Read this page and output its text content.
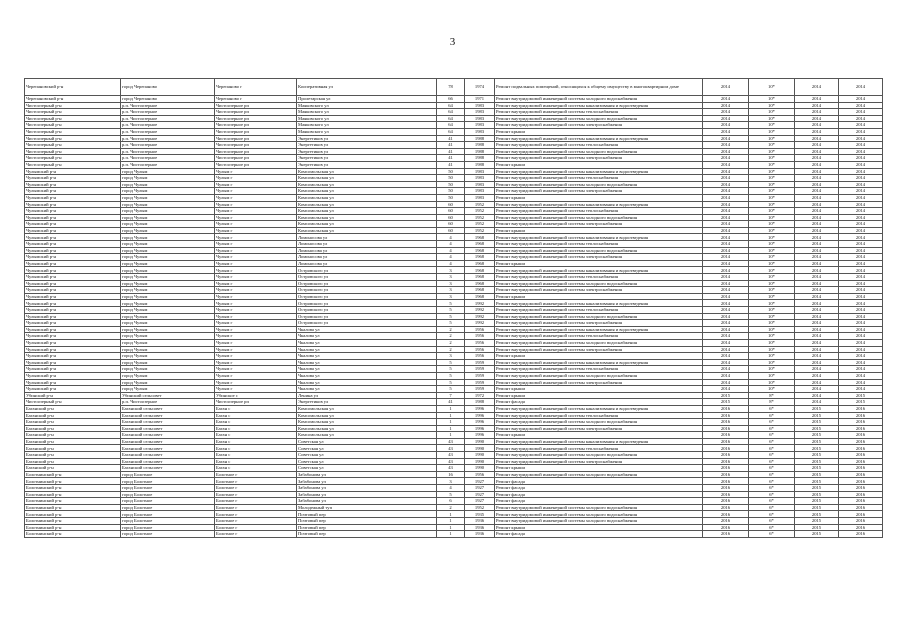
3
Черепановский р-н	город Черепаново	Черепаново г	Кооперативная ул	78	1974	Ремонт подвальных помещений, относящихся к общему имуществу в многоквартирном доме	2014	10*	2014	2014
Черепановский р-н	город Черепаново	Черепаново г	Пролетарская ул	66	1971	Ремонт внутридомовой инженерной системы холодного водоснабжения	2014	10*	2014	2014
Чистоозерный р-н	р.п. Чистоозерное	Чистоозерное рп	Маяковского ул	64	1983	Ремонт внутридомовой инженерной системы канализования и водоотведения	2014	10*	2014	2014
Чистоозерный р-н	р.п. Чистоозерное	Чистоозерное рп	Маяковского ул	64	1983	Ремонт внутридомовой инженерной системы теплоснабжения	2014	10*	2014	2014
Чистоозерный р-н	р.п. Чистоозерное	Чистоозерное рп	Маяковского ул	64	1983	Ремонт внутридомовой инженерной системы холодного водоснабжения	2014	10*	2014	2014
Чистоозерный р-н	р.п. Чистоозерное	Чистоозерное рп	Маяковского ул	64	1983	Ремонт внутридомовой инженерной системы электроснабжения	2014	10*	2014	2014
Чистоозерный р-н	р.п. Чистоозерное	Чистоозерное рп	Маяковского ул	64	1983	Ремонт крыши	2014	10*	2014	2014
Чистоозерный р-н	р.п. Чистоозерное	Чистоозерное рп	Энергетиков ул	41	1988	Ремонт внутридомовой инженерной системы канализования и водоотведения	2014	10*	2014	2014
Чистоозерный р-н	р.п. Чистоозерное	Чистоозерное рп	Энергетиков ул	41	1988	Ремонт внутридомовой инженерной системы теплоснабжения	2014	10*	2014	2014
Чистоозерный р-н	р.п. Чистоозерное	Чистоозерное рп	Энергетиков ул	41	1988	Ремонт внутридомовой инженерной системы холодного водоснабжения	2014	10*	2014	2014
Чистоозерный р-н	р.п. Чистоозерное	Чистоозерное рп	Энергетиков ул	41	1988	Ремонт внутридомовой инженерной системы электроснабжения	2014	10*	2014	2014
Чистоозерный р-н	р.п. Чистоозерное	Чистоозерное рп	Энергетиков ул	41	1988	Ремонт крыши	2014	10*	2014	2014
Чулымский р-н	город Чулым	Чулым г	Комсомольская ул	50	1983	Ремонт внутридомовой инженерной системы канализования и водоотведения	2014	10*	2014	2014
Чулымский р-н	город Чулым	Чулым г	Комсомольская ул	50	1983	Ремонт внутридомовой инженерной системы теплоснабжения	2014	10*	2014	2014
Чулымский р-н	город Чулым	Чулым г	Комсомольская ул	50	1983	Ремонт внутридомовой инженерной системы холодного водоснабжения	2014	10*	2014	2014
Чулымский р-н	город Чулым	Чулым г	Комсомольская ул	50	1983	Ремонт внутридомовой инженерной системы электроснабжения	2014	10*	2014	2014
Чулымский р-н	город Чулым	Чулым г	Комсомольская ул	50	1983	Ремонт крыши	2014	10*	2014	2014
Чулымский р-н	город Чулым	Чулым г	Комсомольская ул	60	1952	Ремонт внутридомовой инженерной системы канализования и водоотведения	2014	10*	2014	2014
Чулымский р-н	город Чулым	Чулым г	Комсомольская ул	60	1952	Ремонт внутридомовой инженерной системы теплоснабжения	2014	10*	2014	2014
Чулымский р-н	город Чулым	Чулым г	Комсомольская ул	60	1952	Ремонт внутридомовой инженерной системы холодного водоснабжения	2014	10*	2014	2014
Чулымский р-н	город Чулым	Чулым г	Комсомольская ул	60	1952	Ремонт внутридомовой инженерной системы электроснабжения	2014	10*	2014	2014
Чулымский р-н	город Чулым	Чулым г	Комсомольская ул	60	1952	Ремонт крыши	2014	10*	2014	2014
Чулымский р-н	город Чулым	Чулым г	Ломоносова ул	4	1968	Ремонт внутридомовой инженерной системы канализования и водоотведения	2014	10*	2014	2014
Чулымский р-н	город Чулым	Чулым г	Ломоносова ул	4	1968	Ремонт внутридомовой инженерной системы теплоснабжения	2014	10*	2014	2014
Чулымский р-н	город Чулым	Чулым г	Ломоносова ул	4	1968	Ремонт внутридомовой инженерной системы холодного водоснабжения	2014	10*	2014	2014
Чулымский р-н	город Чулым	Чулым г	Ломоносова ул	4	1968	Ремонт внутридомовой инженерной системы электроснабжения	2014	10*	2014	2014
Чулымский р-н	город Чулым	Чулым г	Ломоносова ул	4	1968	Ремонт крыши	2014	10*	2014	2014
Чулымский р-н	город Чулым	Чулым г	Островского ул	3	1968	Ремонт внутридомовой инженерной системы канализования и водоотведения	2014	10*	2014	2014
Чулымский р-н	город Чулым	Чулым г	Островского ул	3	1968	Ремонт внутридомовой инженерной системы теплоснабжения	2014	10*	2014	2014
Чулымский р-н	город Чулым	Чулым г	Островского ул	3	1968	Ремонт внутридомовой инженерной системы холодного водоснабжения	2014	10*	2014	2014
Чулымский р-н	город Чулым	Чулым г	Островского ул	3	1968	Ремонт внутридомовой инженерной системы электроснабжения	2014	10*	2014	2014
Чулымский р-н	город Чулым	Чулым г	Островского ул	3	1968	Ремонт крыши	2014	10*	2014	2014
Чулымский р-н	город Чулым	Чулым г	Островского ул	5	1992	Ремонт внутридомовой инженерной системы канализования и водоотведения	2014	10*	2014	2014
Чулымский р-н	город Чулым	Чулым г	Островского ул	5	1992	Ремонт внутридомовой инженерной системы теплоснабжения	2014	10*	2014	2014
Чулымский р-н	город Чулым	Чулым г	Островского ул	5	1992	Ремонт внутридомовой инженерной системы холодного водоснабжения	2014	10*	2014	2014
Чулымский р-н	город Чулым	Чулым г	Островского ул	5	1992	Ремонт внутридомовой инженерной системы электроснабжения	2014	10*	2014	2014
Чулымский р-н	город Чулым	Чулым г	Чкалова ул	2	1956	Ремонт внутридомовой инженерной системы канализования и водоотведения	2014	10*	2014	2014
Чулымский р-н	город Чулым	Чулым г	Чкалова ул	2	1956	Ремонт внутридомовой инженерной системы теплоснабжения	2014	10*	2014	2014
Чулымский р-н	город Чулым	Чулым г	Чкалова ул	2	1956	Ремонт внутридомовой инженерной системы холодного водоснабжения	2014	10*	2014	2014
Чулымский р-н	город Чулым	Чулым г	Чкалова ул	2	1956	Ремонт внутридомовой инженерной системы электроснабжения	2014	10*	2014	2014
Чулымский р-н	город Чулым	Чулым г	Чкалова ул	3	1956	Ремонт крыши	2014	10*	2014	2014
Чулымский р-н	город Чулым	Чулым г	Чкалова ул	5	1959	Ремонт внутридомовой инженерной системы канализования и водоотведения	2014	10*	2014	2014
Чулымский р-н	город Чулым	Чулым г	Чкалова ул	5	1959	Ремонт внутридомовой инженерной системы теплоснабжения	2014	10*	2014	2014
Чулымский р-н	город Чулым	Чулым г	Чкалова ул	5	1959	Ремонт внутридомовой инженерной системы холодного водоснабжения	2014	10*	2014	2014
Чулымский р-н	город Чулым	Чулым г	Чкалова ул	5	1959	Ремонт внутридомовой инженерной системы электроснабжения	2014	10*	2014	2014
Чулымский р-н	город Чулым	Чулым г	Чкалова ул	5	1959	Ремонт крыши	2014	10*	2014	2014
Убинский р-н	Убинский сельсовет	Убинское с	Ленина ул	7	1972	Ремонт крыши	2015	8*	2014	2015
Чистоозерный р-н	р.п. Чистоозерное	Чистоозерное рп	Энергетиков ул	41	1988	Ремонт фасада	2015	8*	2014	2015
Баганский р-н	Баганский сельсовет	Баган с	Комсомольская ул	1	1996	Ремонт внутридомовой инженерной системы канализования и водоотведения	2016	6*	2015	2016
Баганский р-н	Баганский сельсовет	Баган с	Комсомольская ул	1	1996	Ремонт внутридомовой инженерной системы теплоснабжения	2016	6*	2015	2016
Баганский р-н	Баганский сельсовет	Баган с	Комсомольская ул	1	1996	Ремонт внутридомовой инженерной системы холодного водоснабжения	2016	6*	2015	2016
Баганский р-н	Баганский сельсовет	Баган с	Комсомольская ул	1	1996	Ремонт внутридомовой инженерной системы электроснабжения	2016	6*	2015	2016
Баганский р-н	Баганский сельсовет	Баган с	Комсомольская ул	1	1996	Ремонт крыши	2016	6*	2015	2016
Баганский р-н	Баганский сельсовет	Баган с	Советская ул	43	1990	Ремонт внутридомовой инженерной системы канализования и водоотведения	2016	6*	2015	2016
Баганский р-н	Баганский сельсовет	Баган с	Советская ул	43	1990	Ремонт внутридомовой инженерной системы теплоснабжения	2016	6*	2015	2016
Баганский р-н	Баганский сельсовет	Баган с	Советская ул	43	1990	Ремонт внутридомовой инженерной системы холодного водоснабжения	2016	6*	2015	2016
Баганский р-н	Баганский сельсовет	Баган с	Советская ул	43	1990	Ремонт внутридомовой инженерной системы электроснабжения	2016	6*	2015	2016
Баганский р-н	Баганский сельсовет	Баган с	Советская ул	43	1990	Ремонт крыши	2016	6*	2015	2016
Болотнинский р-н	город Болотное	Болотное г	Забабонова ул	16	1956	Ремонт внутридомовой инженерной системы холодного водоснабжения	2016	6*	2015	2016
Болотнинский р-н	город Болотное	Болотное г	Забабонова ул	3	1927	Ремонт фасада	2016	6*	2015	2016
Болотнинский р-н	город Болотное	Болотное г	Забабонова ул	4	1927	Ремонт фасада	2016	6*	2015	2016
Болотнинский р-н	город Болотное	Болотное г	Забабонова ул	5	1927	Ремонт фасада	2016	6*	2015	2016
Болотнинский р-н	город Болотное	Болотное г	Забабонова ул	6	1927	Ремонт фасада	2016	6*	2015	2016
Болотнинский р-н	город Болотное	Болотное г	Молодежный туп	2	1952	Ремонт внутридомовой инженерной системы холодного водоснабжения	2016	6*	2015	2016
Болотнинский р-н	город Болотное	Болотное г	Почтовый пер	1	1935	Ремонт внутридомовой инженерной системы холодного водоснабжения	2016	6*	2015	2016
Болотнинский р-н	город Болотное	Болотное г	Почтовый пер	1	1936	Ремонт внутридомовой инженерной системы холодного водоснабжения	2016	6*	2015	2016
Болотнинский р-н	город Болотное	Болотное г	Почтовый пер	1	1936	Ремонт крыши	2016	6*	2015	2016
Болотнинский р-н	город Болотное	Болотное г	Почтовый пер	1	1936	Ремонт фасада	2016	6*	2015	2016
